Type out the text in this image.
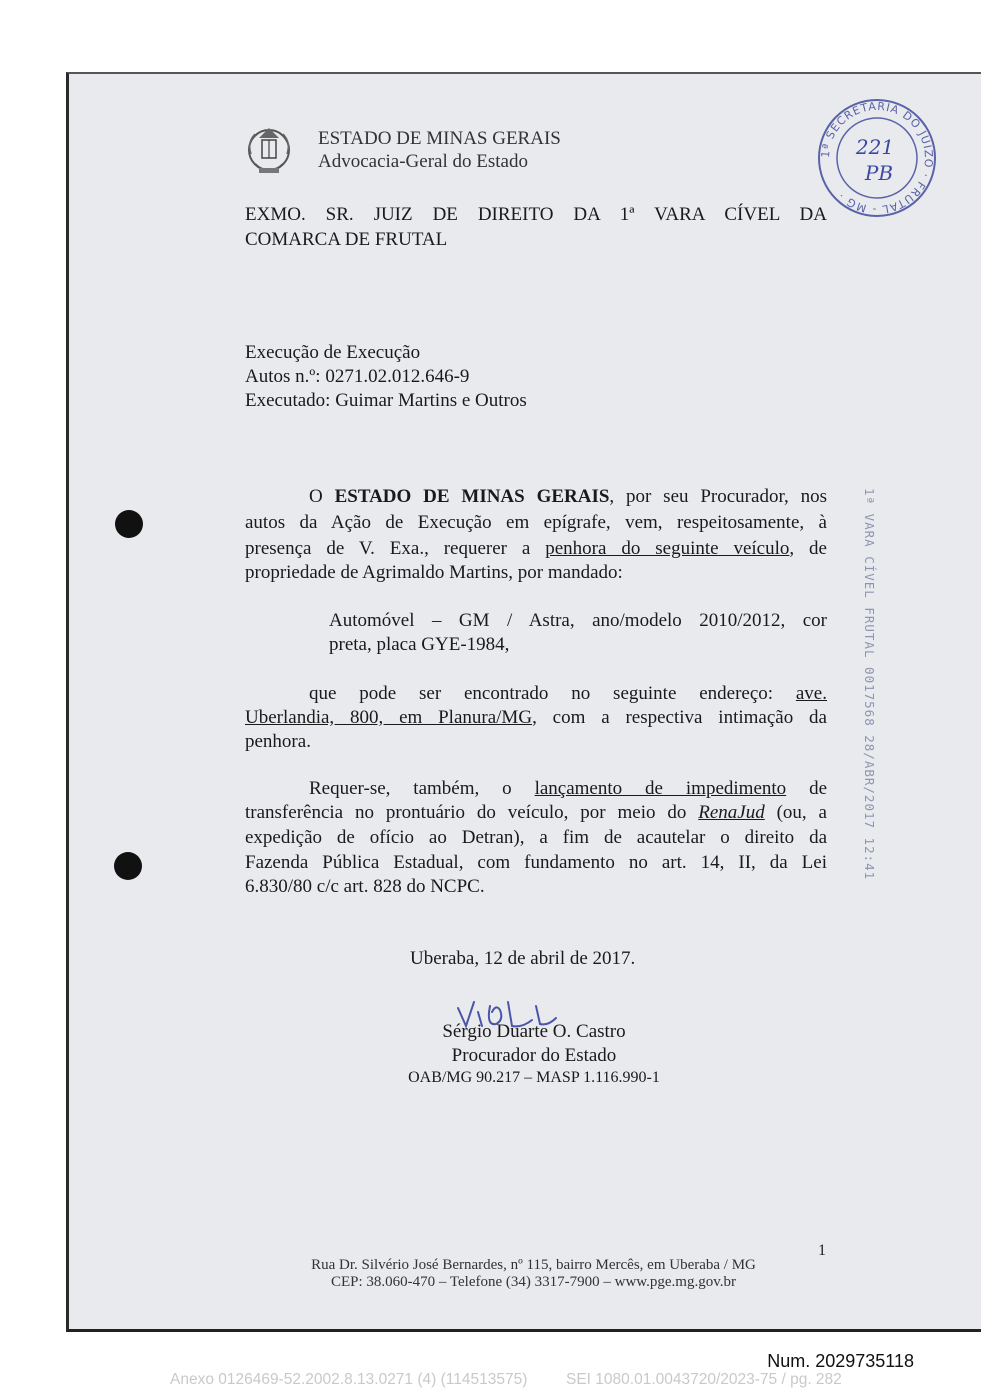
ESTADO DE MINAS GERAIS
Advocacia-Geral do Estado	1ª SECRETARIA DO JUIZO · FRUTAL - MG ·
221
PB
1ª VARA CÍVEL FRUTAL 0017568 28/ABR/2017 12:41
EXMO. SR. JUIZ DE DIREITO DA 1ª VARA CÍVEL DA
COMARCA DE FRUTAL
Execução de Execução
Autos n.º: 0271.02.012.646-9
Executado: Guimar Martins e Outros
O ESTADO DE MINAS GERAIS, por seu Procurador, nos
autos da Ação de Execução em epígrafe, vem, respeitosamente, à
presença de V. Exa., requerer a penhora do seguinte veículo, de
propriedade de Agrimaldo Martins, por mandado:
Automóvel – GM / Astra, ano/modelo 2010/2012, cor
preta, placa GYE-1984,
que pode ser encontrado no seguinte endereço: ave.
Uberlandia, 800, em Planura/MG, com a respectiva intimação da
penhora.
Requer-se, também, o lançamento de impedimento de
transferência no prontuário do veículo, por meio do RenaJud (ou, a
expedição de ofício ao Detran), a fim de acautelar o direito da
Fazenda Pública Estadual, com fundamento no art. 14, II, da Lei
6.830/80 c/c art. 828 do NCPC.
Uberaba, 12 de abril de 2017.
Sérgio Duarte O. Castro
Procurador do Estado
OAB/MG 90.217 – MASP 1.116.990-1
1
Rua Dr. Silvério José Bernardes, nº 115, bairro Mercês, em Uberaba / MG
CEP: 38.060-470 – Telefone (34) 3317-7900 – www.pge.mg.gov.br
Num. 2029735118
Anexo 0126469-52.2002.8.13.0271 (4) (114513575) SEI 1080.01.0043720/2023-75 / pg. 282
